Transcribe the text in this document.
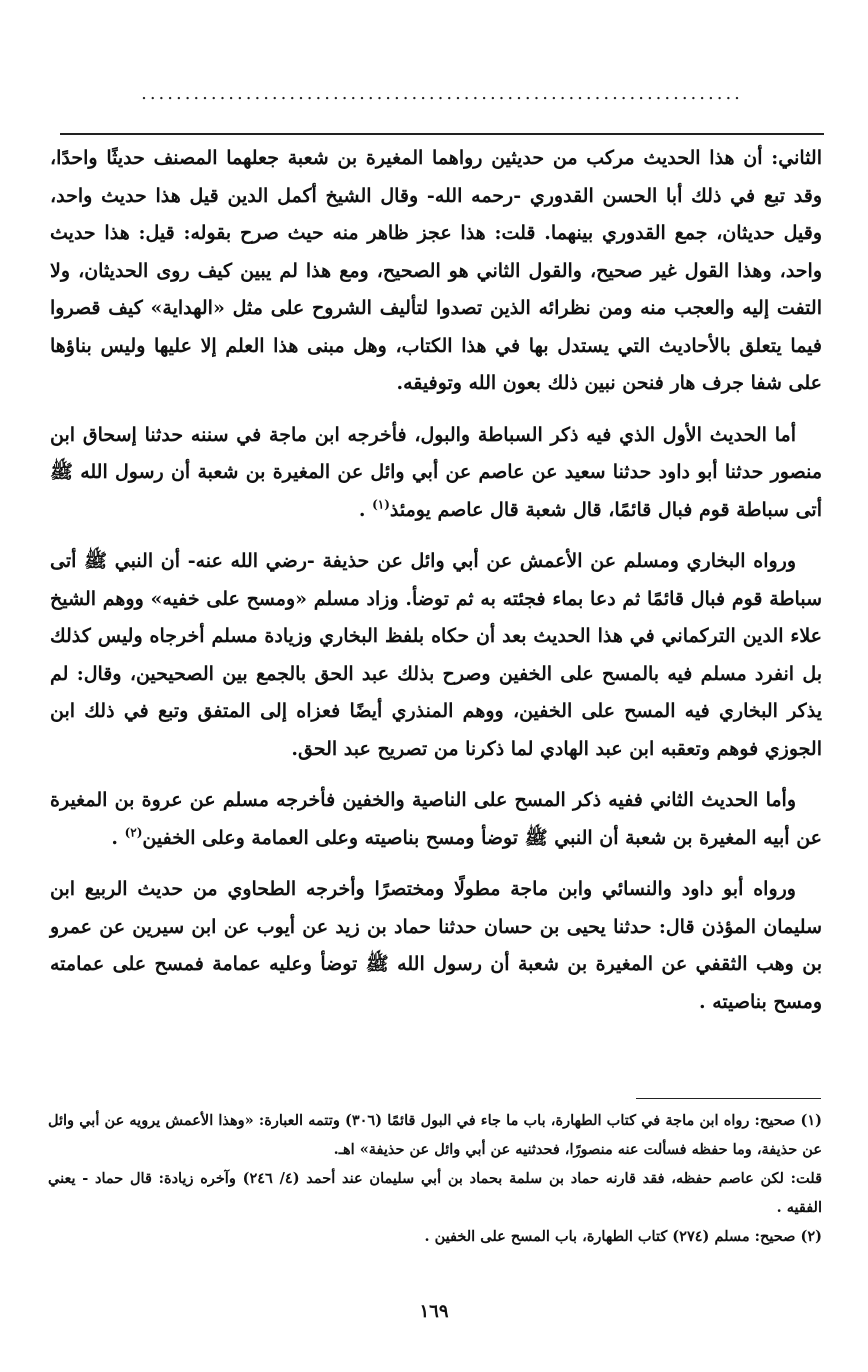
.....................................................................

الثاني: أن هذا الحديث مركب من حديثين رواهما المغيرة بن شعبة جعلهما المصنف حديثًا واحدًا، وقد تبع في ذلك أبا الحسن القدوري -رحمه الله- وقال الشيخ أكمل الدين قيل هذا حديث واحد، وقيل حديثان، جمع القدوري بينهما. قلت: هذا عجز ظاهر منه حيث صرح بقوله: قيل: هذا حديث واحد، وهذا القول غير صحيح، والقول الثاني هو الصحيح، ومع هذا لم يبين كيف روى الحديثان، ولا التفت إليه والعجب منه ومن نظرائه الذين تصدوا لتأليف الشروح على مثل «الهداية» كيف قصروا فيما يتعلق بالأحاديث التي يستدل بها في هذا الكتاب، وهل مبنى هذا العلم إلا عليها وليس بناؤها على شفا جرف هار فنحن نبين ذلك بعون الله وتوفيقه.

أما الحديث الأول الذي فيه ذكر السباطة والبول، فأخرجه ابن ماجة في سننه حدثنا إسحاق ابن منصور حدثنا أبو داود حدثنا سعيد عن عاصم عن أبي وائل عن المغيرة بن شعبة أن رسول الله ﷺ أتى سباطة قوم فبال قائمًا، قال شعبة قال عاصم يومئذ$^{(١)}$ .

ورواه البخاري ومسلم عن الأعمش عن أبي وائل عن حذيفة -رضي الله عنه- أن النبي ﷺ أتى سباطة قوم فبال قائمًا ثم دعا بماء فجئته به ثم توضأ. وزاد مسلم «ومسح على خفيه» ووهم الشيخ علاء الدين التركماني في هذا الحديث بعد أن حكاه بلفظ البخاري وزيادة مسلم أخرجاه وليس كذلك بل انفرد مسلم فيه بالمسح على الخفين وصرح بذلك عبد الحق بالجمع بين الصحيحين، وقال: لم يذكر البخاري فيه المسح على الخفين، ووهم المنذري أيضًا فعزاه إلى المتفق وتبع في ذلك ابن الجوزي فوهم وتعقبه ابن عبد الهادي لما ذكرنا من تصريح عبد الحق.

وأما الحديث الثاني ففيه ذكر المسح على الناصية والخفين فأخرجه مسلم عن عروة بن المغيرة عن أبيه المغيرة بن شعبة أن النبي ﷺ توضأ ومسح بناصيته وعلى العمامة وعلى الخفين$^{(٢)}$ .

ورواه أبو داود والنسائي وابن ماجة مطولًا ومختصرًا وأخرجه الطحاوي من حديث الربيع ابن سليمان المؤذن قال: حدثنا يحيى بن حسان حدثنا حماد بن زيد عن أيوب عن ابن سيرين عن عمرو بن وهب الثقفي عن المغيرة بن شعبة أن رسول الله ﷺ توضأ وعليه عمامة فمسح على عمامته ومسح بناصيته .

(١) صحيح: رواه ابن ماجة في كتاب الطهارة، باب ما جاء في البول قائمًا (٣٠٦) وتتمه العبارة: «وهذا الأعمش يرويه عن أبي وائل عن حذيفة، وما حفظه فسألت عنه منصورًا، فحدثنيه عن أبي وائل عن حذيفة» اهـ.

قلت: لكن عاصم حفظه، فقد قارنه حماد بن سلمة بحماد بن أبي سليمان عند أحمد (٤/ ٢٤٦) وآخره زيادة: قال حماد - يعني الفقيه .

(٢) صحيح: مسلم (٢٧٤) كتاب الطهارة، باب المسح على الخفين .

١٦٩
